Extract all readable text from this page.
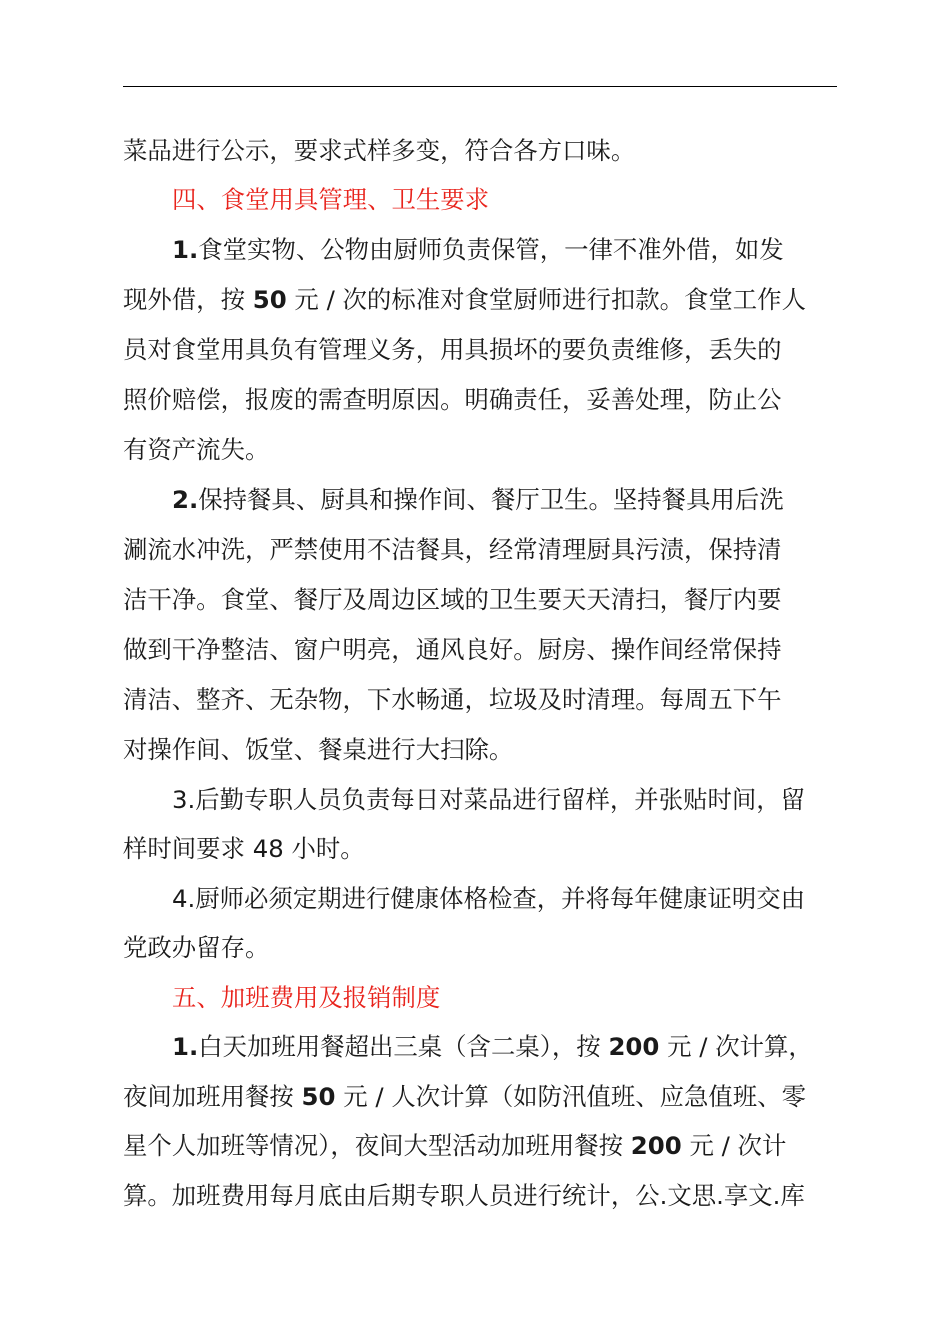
菜品进行公示，要求式样多变，符合各方口味。
四、食堂用具管理、卫生要求
1.食堂实物、公物由厨师负责保管，一律不准外借，如发
现外借，按 50 元 / 次的标准对食堂厨师进行扣款。食堂工作人
员对食堂用具负有管理义务，用具损坏的要负责维修，丢失的
照价赔偿，报废的需查明原因。明确责任，妥善处理，防止公
有资产流失。
2.保持餐具、厨具和操作间、餐厅卫生。坚持餐具用后洗
涮流水冲洗，严禁使用不洁餐具，经常清理厨具污渍，保持清
洁干净。食堂、餐厅及周边区域的卫生要天天清扫，餐厅内要
做到干净整洁、窗户明亮，通风良好。厨房、操作间经常保持
清洁、整齐、无杂物，下水畅通，垃圾及时清理。每周五下午
对操作间、饭堂、餐桌进行大扫除。
3.后勤专职人员负责每日对菜品进行留样，并张贴时间，留
样时间要求 48 小时。
4.厨师必须定期进行健康体格检查，并将每年健康证明交由
党政办留存。
五、加班费用及报销制度
1.白天加班用餐超出三桌（含二桌），按 200 元 / 次计算，
夜间加班用餐按 50 元 / 人次计算（如防汛值班、应急值班、零
星个人加班等情况），夜间大型活动加班用餐按 200 元 / 次计
算。加班费用每月底由后期专职人员进行统计，公.文思.享文.库
